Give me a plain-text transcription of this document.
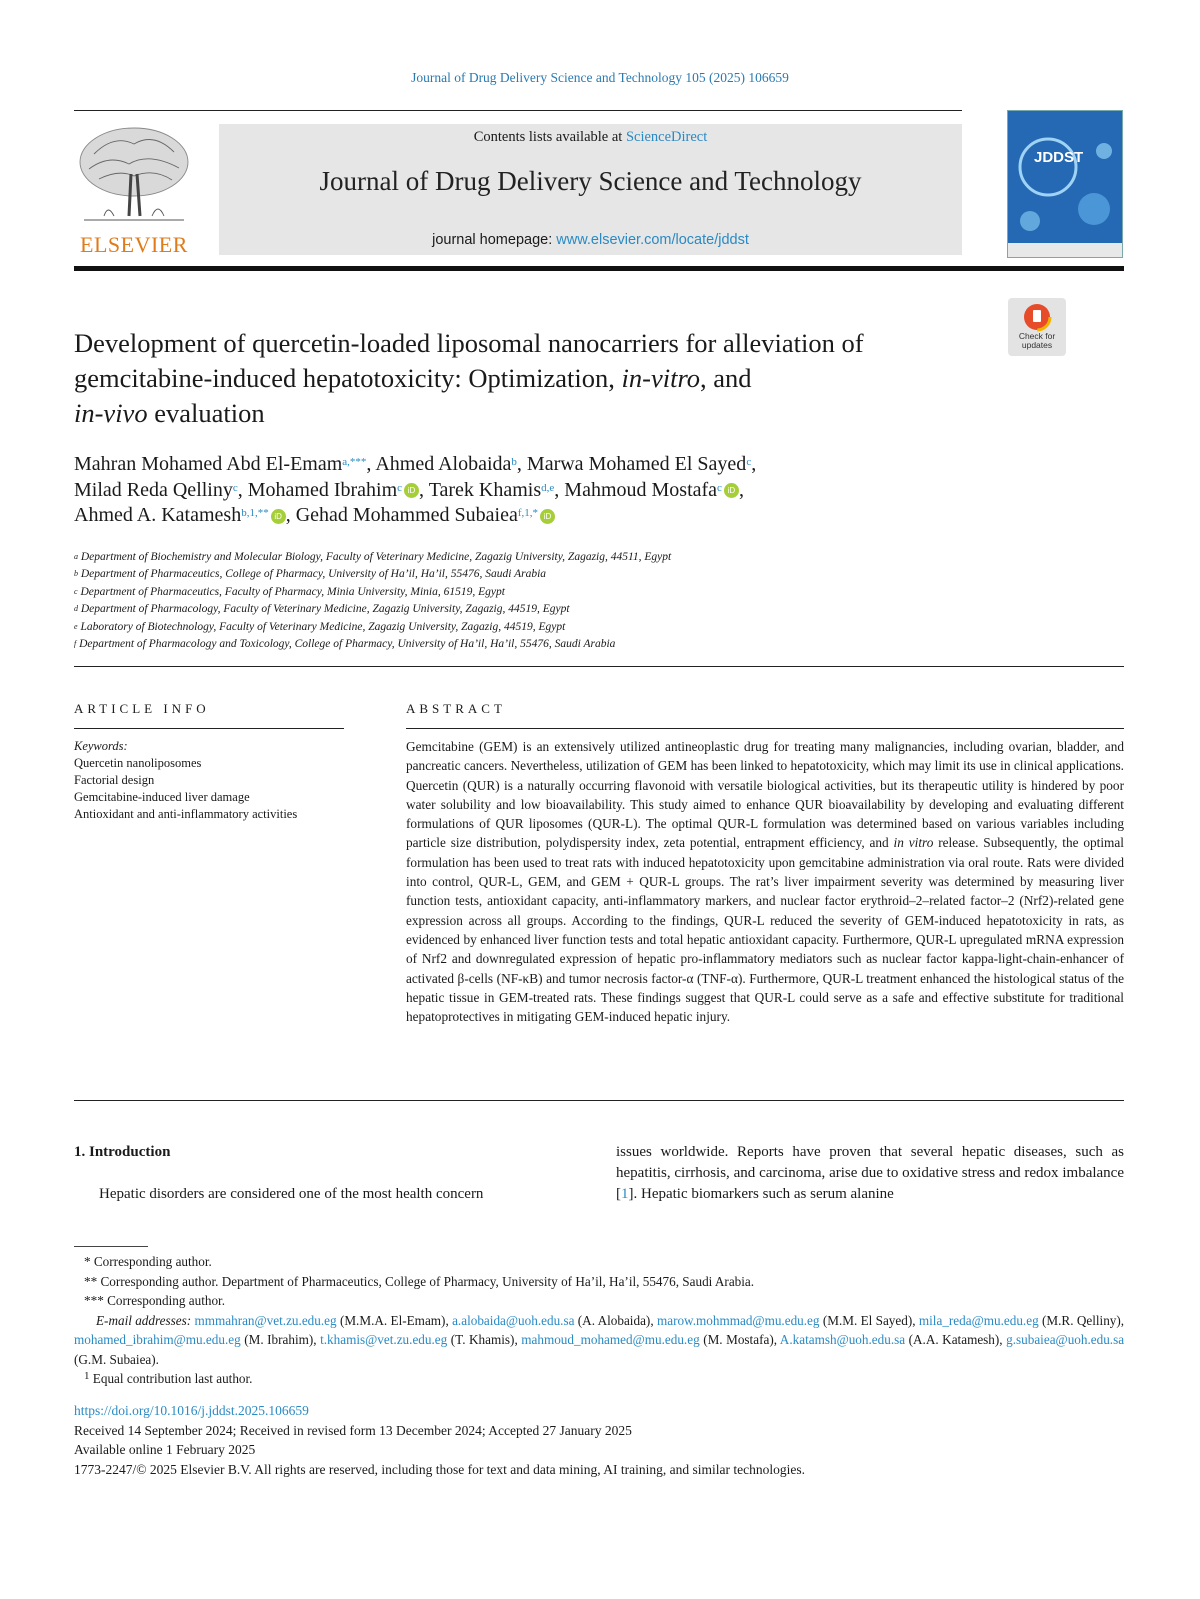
Journal of Drug Delivery Science and Technology 105 (2025) 106659
ELSEVIER
Contents lists available at ScienceDirect
Journal of Drug Delivery Science and Technology
journal homepage: www.elsevier.com/locate/jddst
JDDST
Check for updates
Development of quercetin-loaded liposomal nanocarriers for alleviation of
gemcitabine-induced hepatotoxicity: Optimization, in-vitro, and
in-vivo evaluation
Mahran Mohamed Abd El-Emam$^{a,***}$, Ahmed Alobaida$^b$, Marwa Mohamed El Sayed$^c$,
Milad Reda Qelliny$^c$, Mohamed Ibrahim$^c$ iD , Tarek Khamis$^{d,e}$, Mahmoud Mostafa$^c$ iD ,
Ahmed A. Katamesh$^{b,1,**}$ iD , Gehad Mohammed Subaiea$^{f,1,*}$ iD
$^a$ Department of Biochemistry and Molecular Biology, Faculty of Veterinary Medicine, Zagazig University, Zagazig, 44511, Egypt
$^b$ Department of Pharmaceutics, College of Pharmacy, University of Ha’il, Ha’il, 55476, Saudi Arabia
$^c$ Department of Pharmaceutics, Faculty of Pharmacy, Minia University, Minia, 61519, Egypt
$^d$ Department of Pharmacology, Faculty of Veterinary Medicine, Zagazig University, Zagazig, 44519, Egypt
$^e$ Laboratory of Biotechnology, Faculty of Veterinary Medicine, Zagazig University, Zagazig, 44519, Egypt
$^f$ Department of Pharmacology and Toxicology, College of Pharmacy, University of Ha’il, Ha’il, 55476, Saudi Arabia
ARTICLE INFO	ABSTRACT
Keywords:
Quercetin nanoliposomes
Factorial design
Gemcitabine-induced liver damage
Antioxidant and anti-inflammatory activities
Gemcitabine (GEM) is an extensively utilized antineoplastic drug for treating many malignancies, including ovarian, bladder, and pancreatic cancers. Nevertheless, utilization of GEM has been linked to hepatotoxicity, which may limit its use in clinical applications. Quercetin (QUR) is a naturally occurring flavonoid with versatile biological activities, but its therapeutic utility is hindered by poor water solubility and low bioavailability. This study aimed to enhance QUR bioavailability by developing and evaluating different formulations of QUR liposomes (QUR-L). The optimal QUR-L formulation was determined based on various variables including particle size distribution, polydispersity index, zeta potential, entrapment efficiency, and in vitro release. Subsequently, the optimal formulation has been used to treat rats with induced hepatotoxicity upon gemcitabine administration via oral route. Rats were divided into control, QUR-L, GEM, and GEM + QUR-L groups. The rat’s liver impairment severity was determined by measuring liver function tests, antioxidant capacity, anti-inflammatory markers, and nuclear factor erythroid–2–related factor–2 (Nrf2)-related gene expression across all groups. According to the findings, QUR-L reduced the severity of GEM-induced hepatotoxicity in rats, as evidenced by enhanced liver function tests and total hepatic antioxidant capacity. Furthermore, QUR-L upregulated mRNA expression of Nrf2 and downregulated expression of hepatic pro-inflammatory mediators such as nuclear factor kappa-light-chain-enhancer of activated β-cells (NF-κB) and tumor necrosis factor-α (TNF-α). Furthermore, QUR-L treatment enhanced the histological status of the hepatic tissue in GEM-treated rats. These findings suggest that QUR-L could serve as a safe and effective substitute for traditional hepatoprotectives in mitigating GEM-induced hepatic injury.
1. Introduction
Hepatic disorders are considered one of the most health concern
issues worldwide. Reports have proven that several hepatic diseases, such as hepatitis, cirrhosis, and carcinoma, arise due to oxidative stress and redox imbalance [1]. Hepatic biomarkers such as serum alanine
* Corresponding author.
** Corresponding author. Department of Pharmaceutics, College of Pharmacy, University of Ha’il, Ha’il, 55476, Saudi Arabia.
*** Corresponding author.
E-mail addresses: mmmahran@vet.zu.edu.eg (M.M.A. El-Emam), a.alobaida@uoh.edu.sa (A. Alobaida), marow.mohmmad@mu.edu.eg (M.M. El Sayed), mila_reda@mu.edu.eg (M.R. Qelliny), mohamed_ibrahim@mu.edu.eg (M. Ibrahim), t.khamis@vet.zu.edu.eg (T. Khamis), mahmoud_mohamed@mu.edu.eg (M. Mostafa), A.katamsh@uoh.edu.sa (A.A. Katamesh), g.subaiea@uoh.edu.sa (G.M. Subaiea).
$^1$ Equal contribution last author.
https://doi.org/10.1016/j.jddst.2025.106659
Received 14 September 2024; Received in revised form 13 December 2024; Accepted 27 January 2025
Available online 1 February 2025
1773-2247/© 2025 Elsevier B.V. All rights are reserved, including those for text and data mining, AI training, and similar technologies.
